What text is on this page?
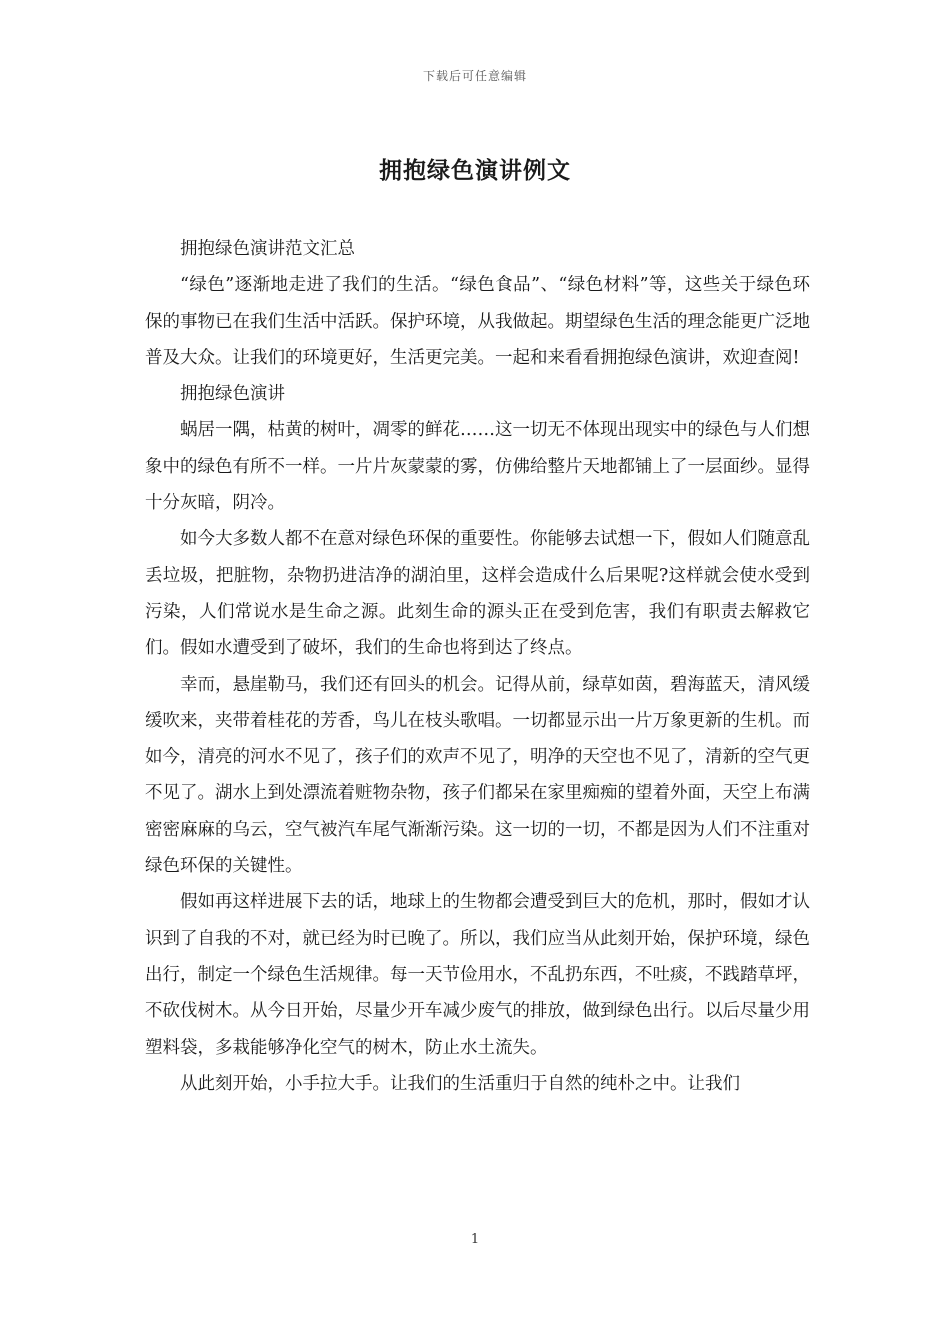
下载后可任意编辑
拥抱绿色演讲例文

拥抱绿色演讲范文汇总

“绿色”逐渐地走进了我们的生活。“绿色食品”、“绿色材料”等，这些关于绿色环保的事物已在我们生活中活跃。保护环境，从我做起。期望绿色生活的理念能更广泛地普及大众。让我们的环境更好，生活更完美。一起和来看看拥抱绿色演讲，欢迎查阅!

拥抱绿色演讲

蜗居一隅，枯黄的树叶，凋零的鲜花……这一切无不体现出现实中的绿色与人们想象中的绿色有所不一样。一片片灰蒙蒙的雾，仿佛给整片天地都铺上了一层面纱。显得十分灰暗，阴冷。

如今大多数人都不在意对绿色环保的重要性。你能够去试想一下，假如人们随意乱丢垃圾，把脏物，杂物扔进洁净的湖泊里，这样会造成什么后果呢?这样就会使水受到污染，人们常说水是生命之源。此刻生命的源头正在受到危害，我们有职责去解救它们。假如水遭受到了破坏，我们的生命也将到达了终点。

幸而，悬崖勒马，我们还有回头的机会。记得从前，绿草如茵，碧海蓝天，清风缓缓吹来，夹带着桂花的芳香，鸟儿在枝头歌唱。一切都显示出一片万象更新的生机。而如今，清亮的河水不见了，孩子们的欢声不见了，明净的天空也不见了，清新的空气更不见了。湖水上到处漂流着赃物杂物，孩子们都呆在家里痴痴的望着外面，天空上布满密密麻麻的乌云，空气被汽车尾气渐渐污染。这一切的一切，不都是因为人们不注重对绿色环保的关键性。

假如再这样进展下去的话，地球上的生物都会遭受到巨大的危机，那时，假如才认识到了自我的不对，就已经为时已晚了。所以，我们应当从此刻开始，保护环境，绿色出行，制定一个绿色生活规律。每一天节俭用水，不乱扔东西，不吐痰，不践踏草坪，不砍伐树木。从今日开始，尽量少开车减少废气的排放，做到绿色出行。以后尽量少用塑料袋，多栽能够净化空气的树木，防止水土流失。

从此刻开始，小手拉大手。让我们的生活重归于自然的纯朴之中。让我们

1
